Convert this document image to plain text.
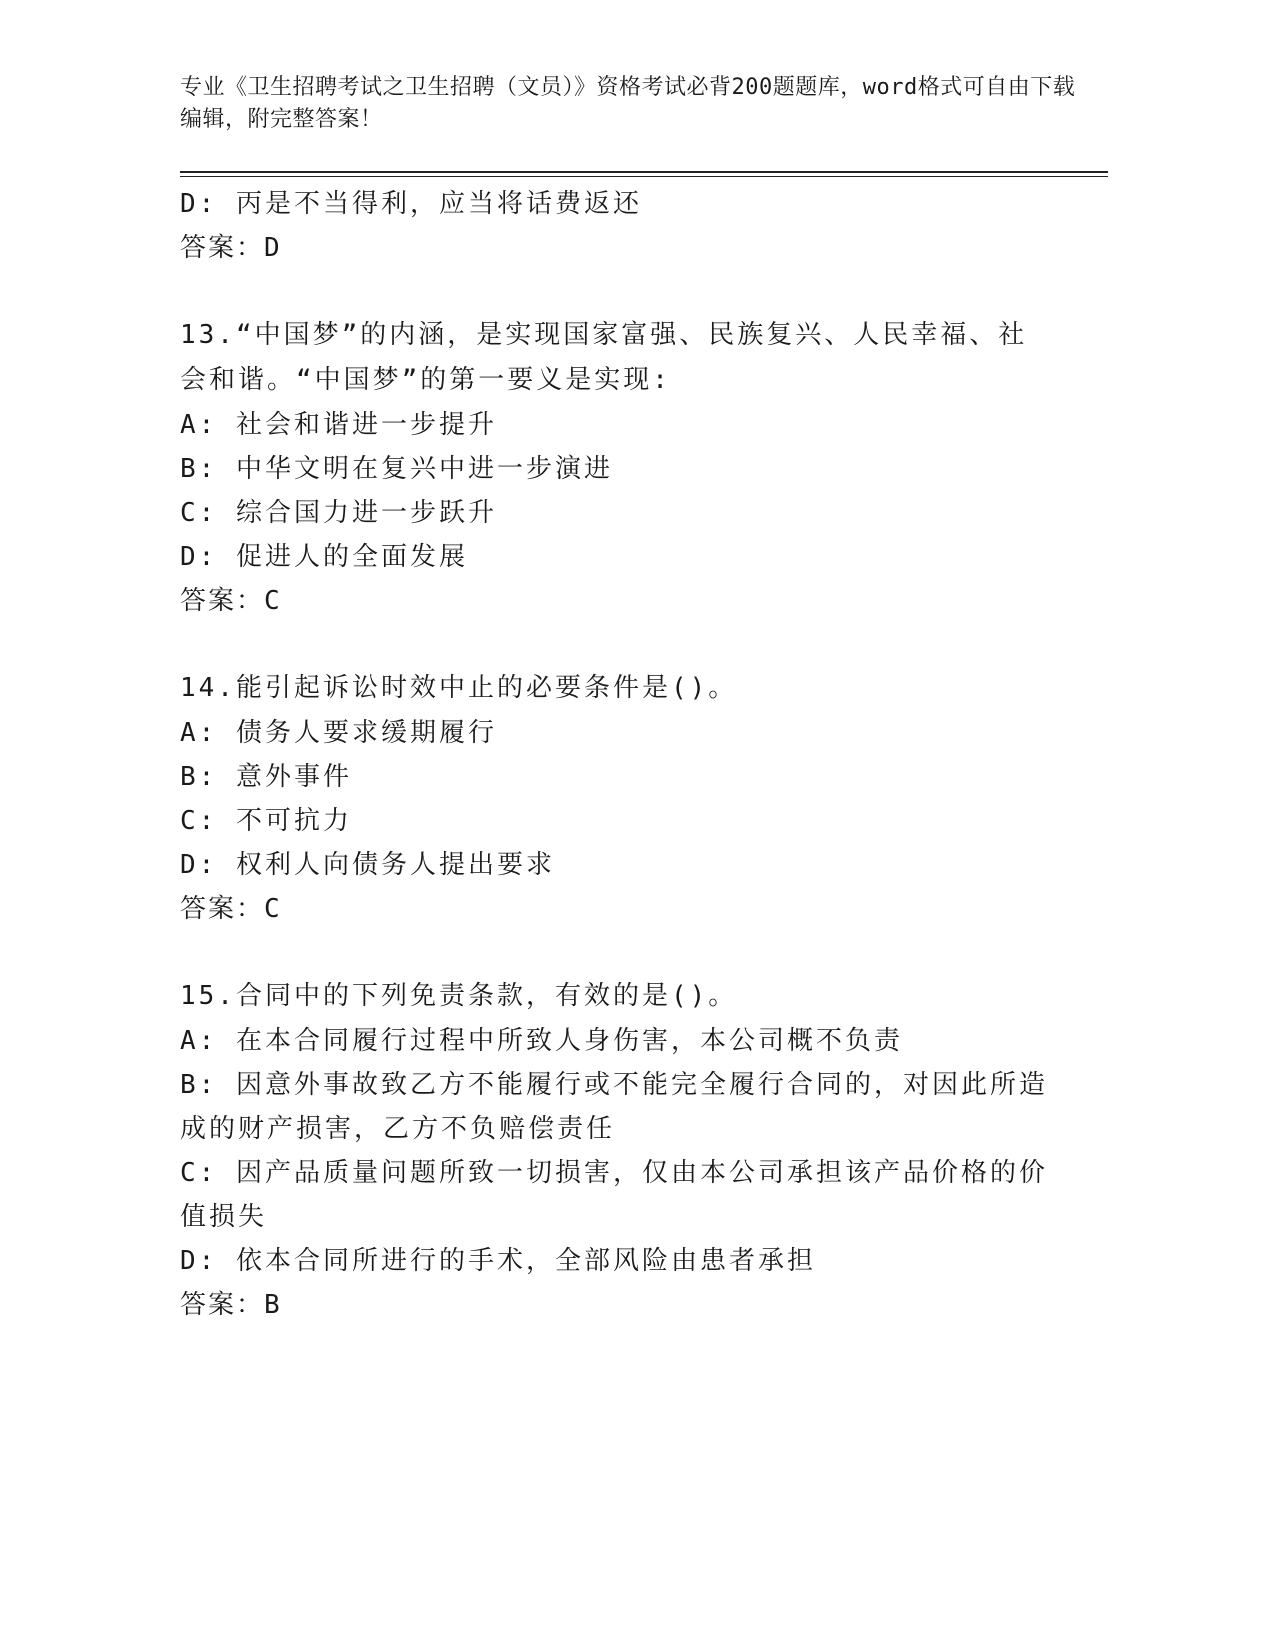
专业《卫生招聘考试之卫生招聘（文员）》资格考试必背200题题库，word格式可自由下载编辑，附完整答案！
D: 丙是不当得利，应当将话费返还
答案：D
13.“中国梦”的内涵，是实现国家富强、民族复兴、人民幸福、社会和谐。“中国梦”的第一要义是实现:
A: 社会和谐进一步提升
B: 中华文明在复兴中进一步演进
C: 综合国力进一步跃升
D: 促进人的全面发展
答案：C
14.能引起诉讼时效中止的必要条件是()。
A: 债务人要求缓期履行
B: 意外事件
C: 不可抗力
D: 权利人向债务人提出要求
答案：C
15.合同中的下列免责条款，有效的是()。
A: 在本合同履行过程中所致人身伤害，本公司概不负责
B: 因意外事故致乙方不能履行或不能完全履行合同的，对因此所造成的财产损害，乙方不负赔偿责任
C: 因产品质量问题所致一切损害，仅由本公司承担该产品价格的价值损失
D: 依本合同所进行的手术，全部风险由患者承担
答案：B
